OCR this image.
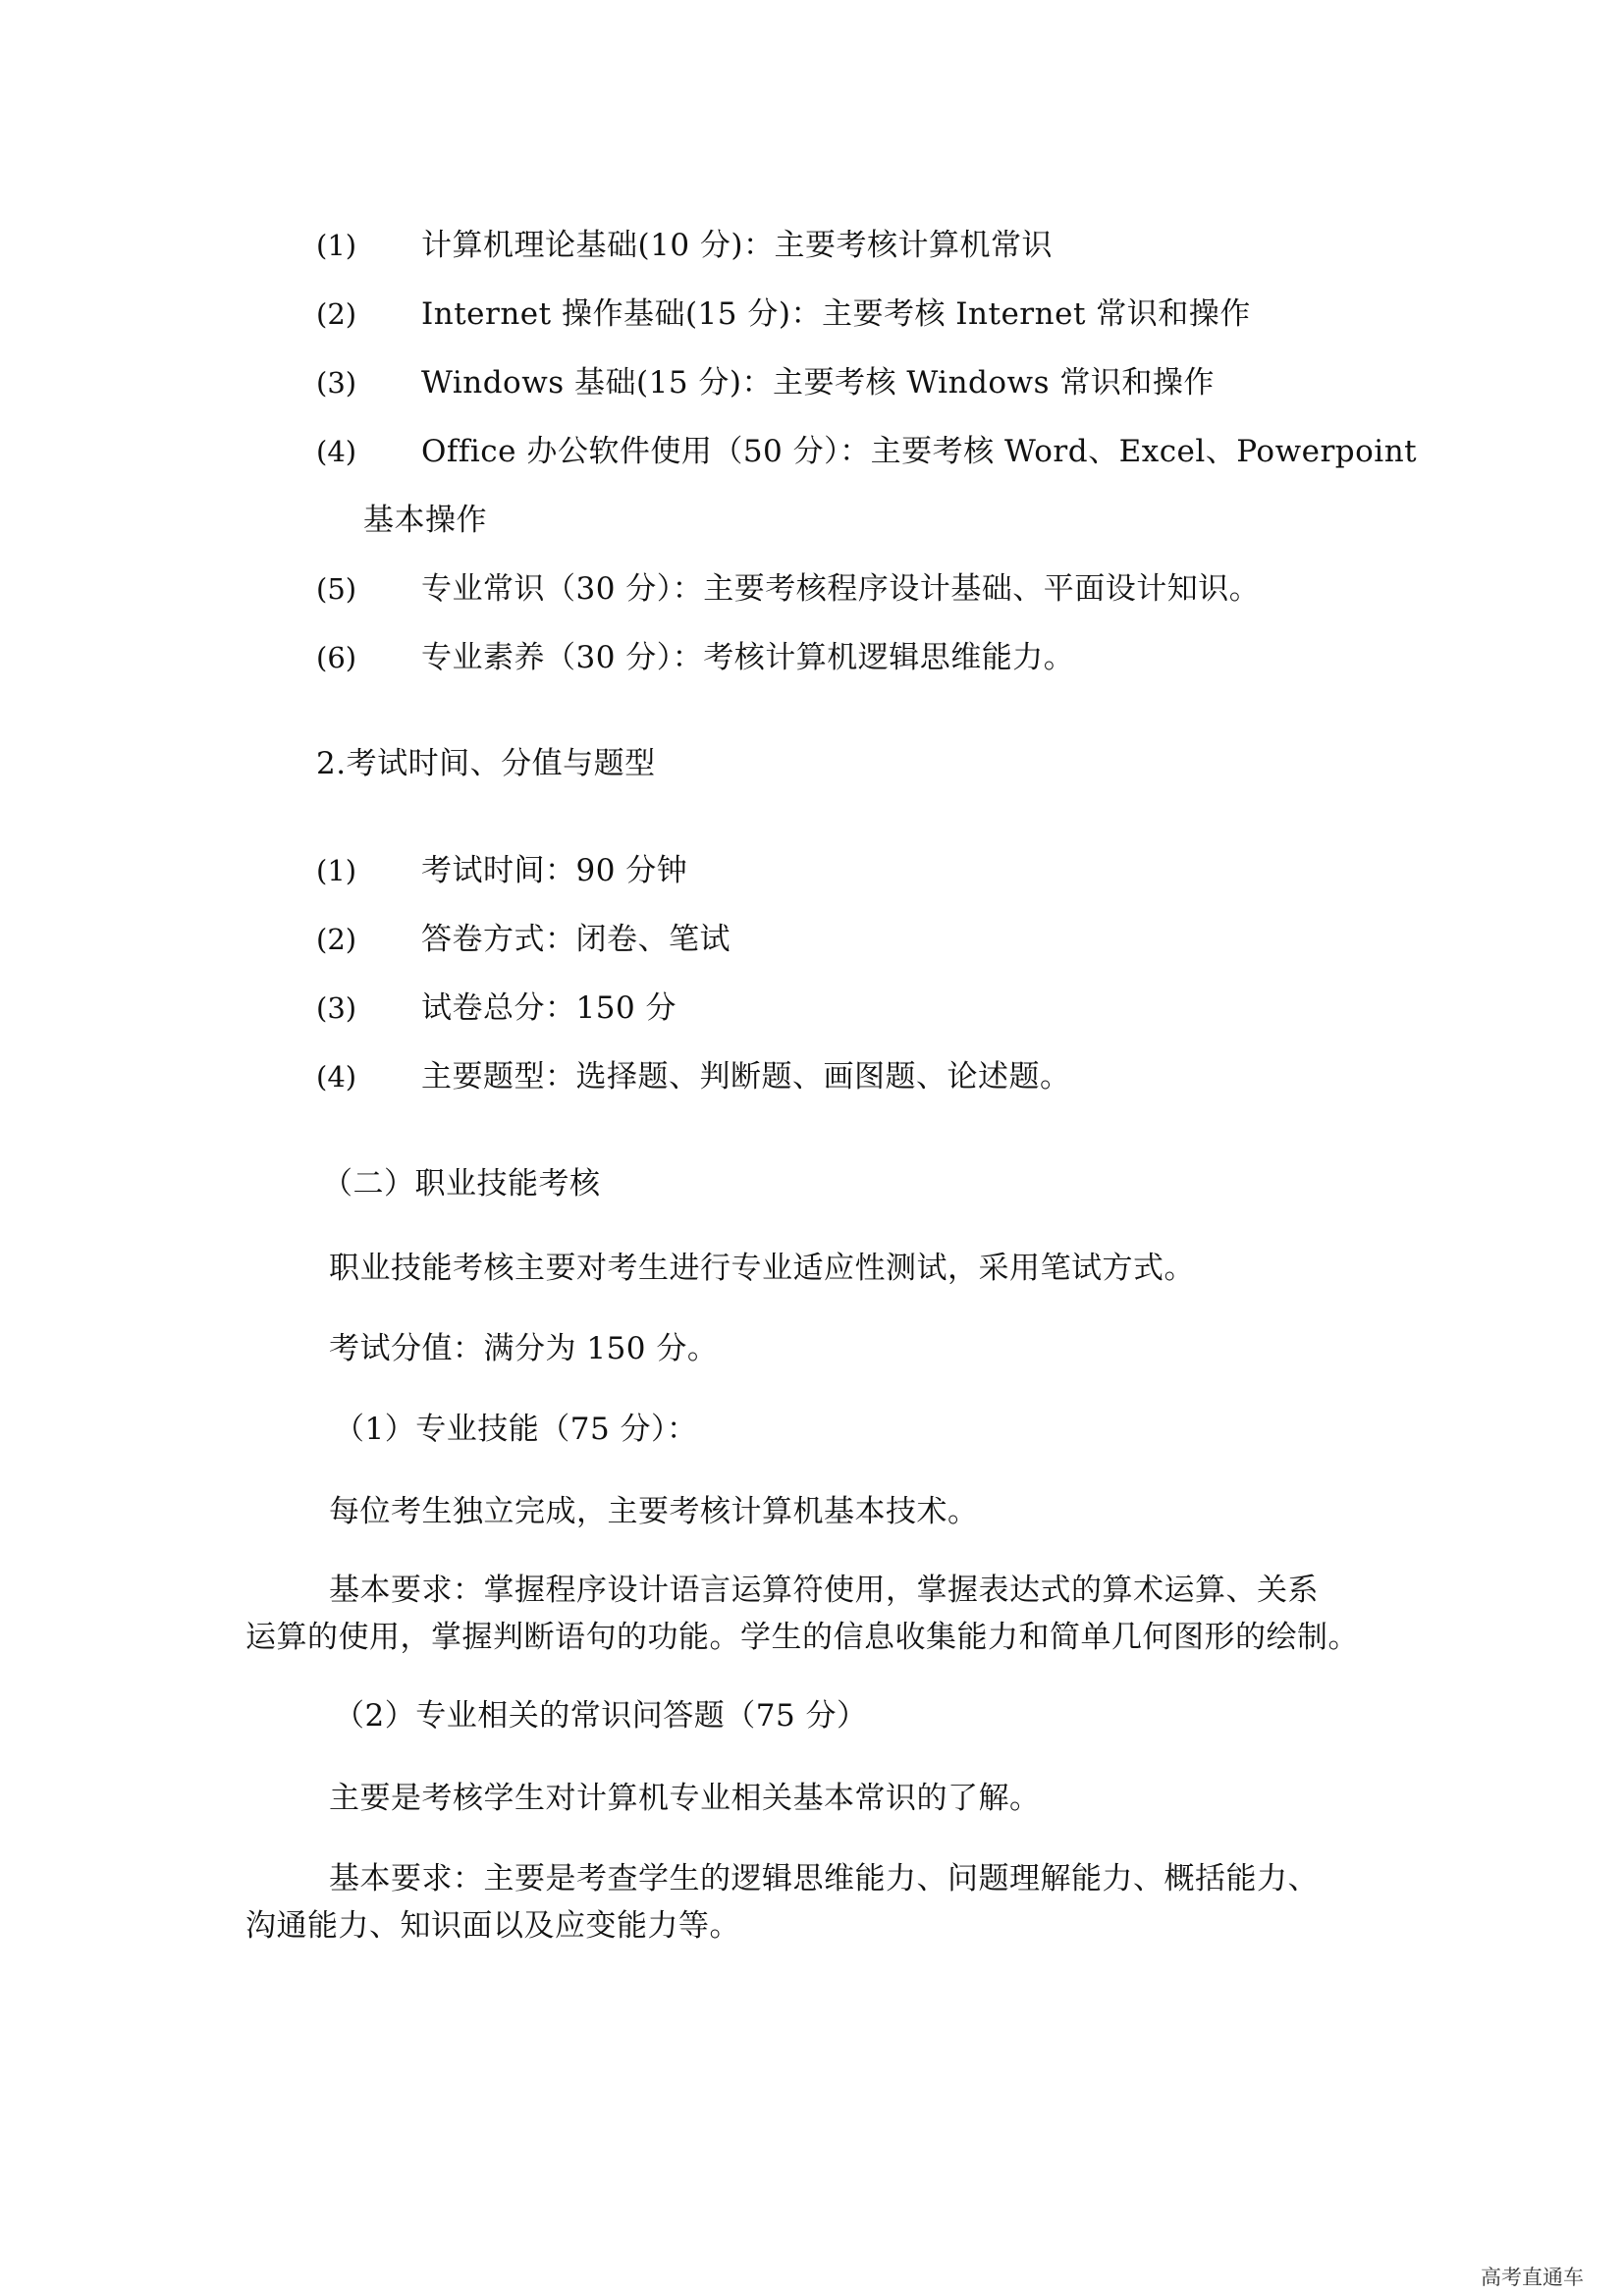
(1) 计算机理论基础(10 分)：主要考核计算机常识
(2) Internet 操作基础(15 分)：主要考核 Internet 常识和操作
(3) Windows 基础(15 分)：主要考核 Windows 常识和操作
(4) Office 办公软件使用（50 分）：主要考核 Word、Excel、Powerpoint
基本操作
(5) 专业常识（30 分）：主要考核程序设计基础、平面设计知识。
(6) 专业素养（30 分）：考核计算机逻辑思维能力。
2.考试时间、分值与题型
(1) 考试时间：90 分钟
(2) 答卷方式：闭卷、笔试
(3) 试卷总分：150 分
(4) 主要题型：选择题、判断题、画图题、论述题。
（二）职业技能考核
职业技能考核主要对考生进行专业适应性测试，采用笔试方式。
考试分值：满分为 150 分。
（1）专业技能（75 分）：
每位考生独立完成，主要考核计算机基本技术。
基本要求：掌握程序设计语言运算符使用，掌握表达式的算术运算、关系
运算的使用，掌握判断语句的功能。学生的信息收集能力和简单几何图形的绘制。
（2）专业相关的常识问答题（75 分）
主要是考核学生对计算机专业相关基本常识的了解。
基本要求：主要是考查学生的逻辑思维能力、问题理解能力、概括能力、
沟通能力、知识面以及应变能力等。
高考直通车
